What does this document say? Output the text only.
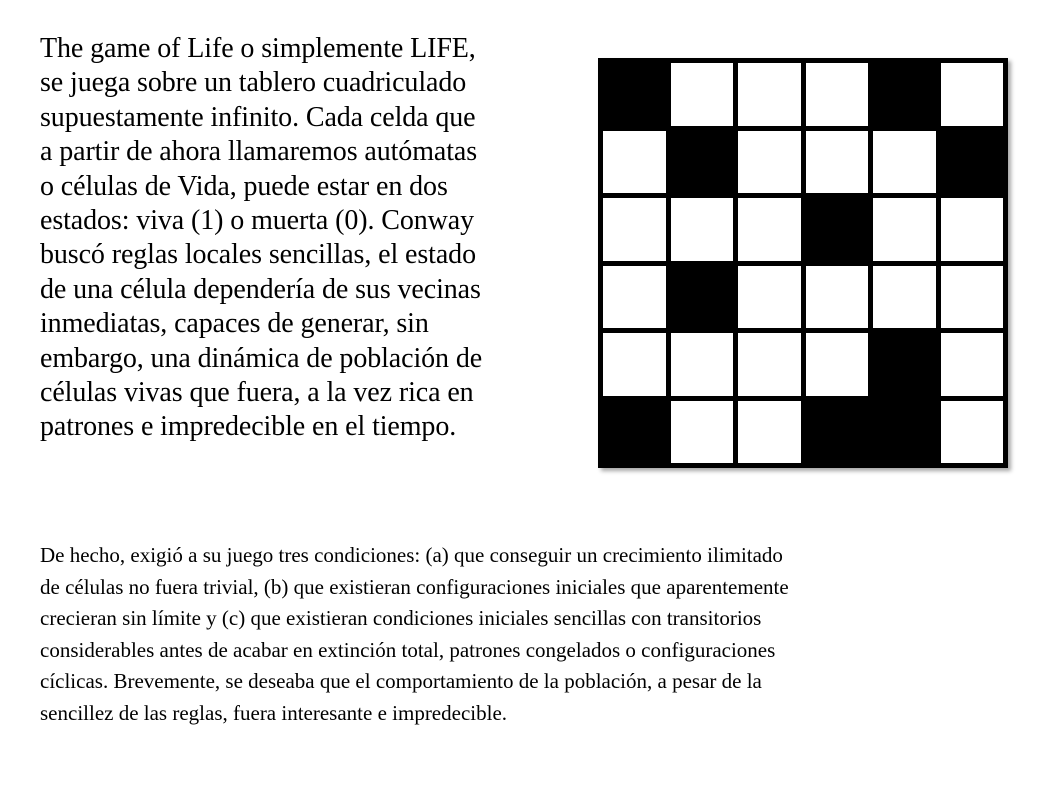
The game of Life o simplemente LIFE,
se juega sobre un tablero cuadriculado
supuestamente infinito. Cada celda que
a partir de ahora llamaremos autómatas
o células de Vida, puede estar en dos
estados: viva (1) o muerta (0). Conway
buscó reglas locales sencillas, el estado
de una célula dependería de sus vecinas
inmediatas, capaces de generar, sin
embargo, una dinámica de población de
células vivas que fuera, a la vez rica en
patrones e impredecible en el tiempo.
De hecho, exigió a su juego tres condiciones: (a) que conseguir un crecimiento ilimitado
de células no fuera trivial, (b) que existieran configuraciones iniciales que aparentemente
crecieran sin límite y (c) que existieran condiciones iniciales sencillas con transitorios
considerables antes de acabar en extinción total, patrones congelados o configuraciones
cíclicas. Brevemente, se deseaba que el comportamiento de la población, a pesar de la
sencillez de las reglas, fuera interesante e impredecible.
